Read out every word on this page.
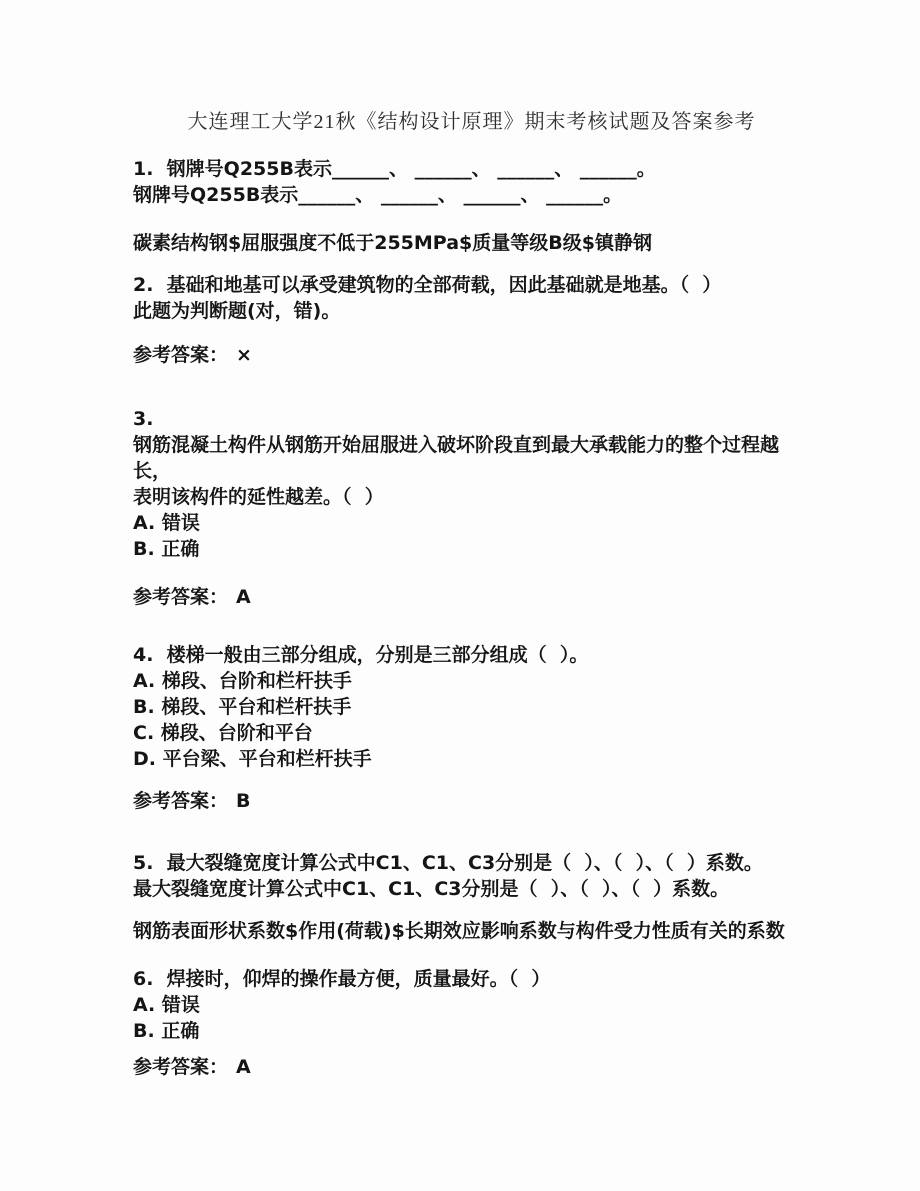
大连理工大学21秋《结构设计原理》期末考核试题及答案参考
1.  钢牌号Q255B表示______、 ______、 ______、 ______。
钢牌号Q255B表示______、 ______、 ______、 ______。
碳素结构钢$屈服强度不低于255MPa$质量等级B级$镇静钢
2.  基础和地基可以承受建筑物的全部荷载，因此基础就是地基。（  ）
此题为判断题(对，错)。
参考答案： ×
3.
钢筋混凝土构件从钢筋开始屈服进入破坏阶段直到最大承载能力的整个过程越长，
表明该构件的延性越差。（  ）
A. 错误
B. 正确
参考答案： A
4.  楼梯一般由三部分组成，分别是三部分组成（  ）。
A. 梯段、台阶和栏杆扶手
B. 梯段、平台和栏杆扶手
C. 梯段、台阶和平台
D. 平台梁、平台和栏杆扶手
参考答案： B
5.  最大裂缝宽度计算公式中C1、C1、C3分别是（  ）、（  ）、（  ）系数。
最大裂缝宽度计算公式中C1、C1、C3分别是（  ）、（  ）、（  ）系数。
钢筋表面形状系数$作用(荷载)$长期效应影响系数与构件受力性质有关的系数
6.  焊接时，仰焊的操作最方便，质量最好。（  ）
A. 错误
B. 正确
参考答案： A
